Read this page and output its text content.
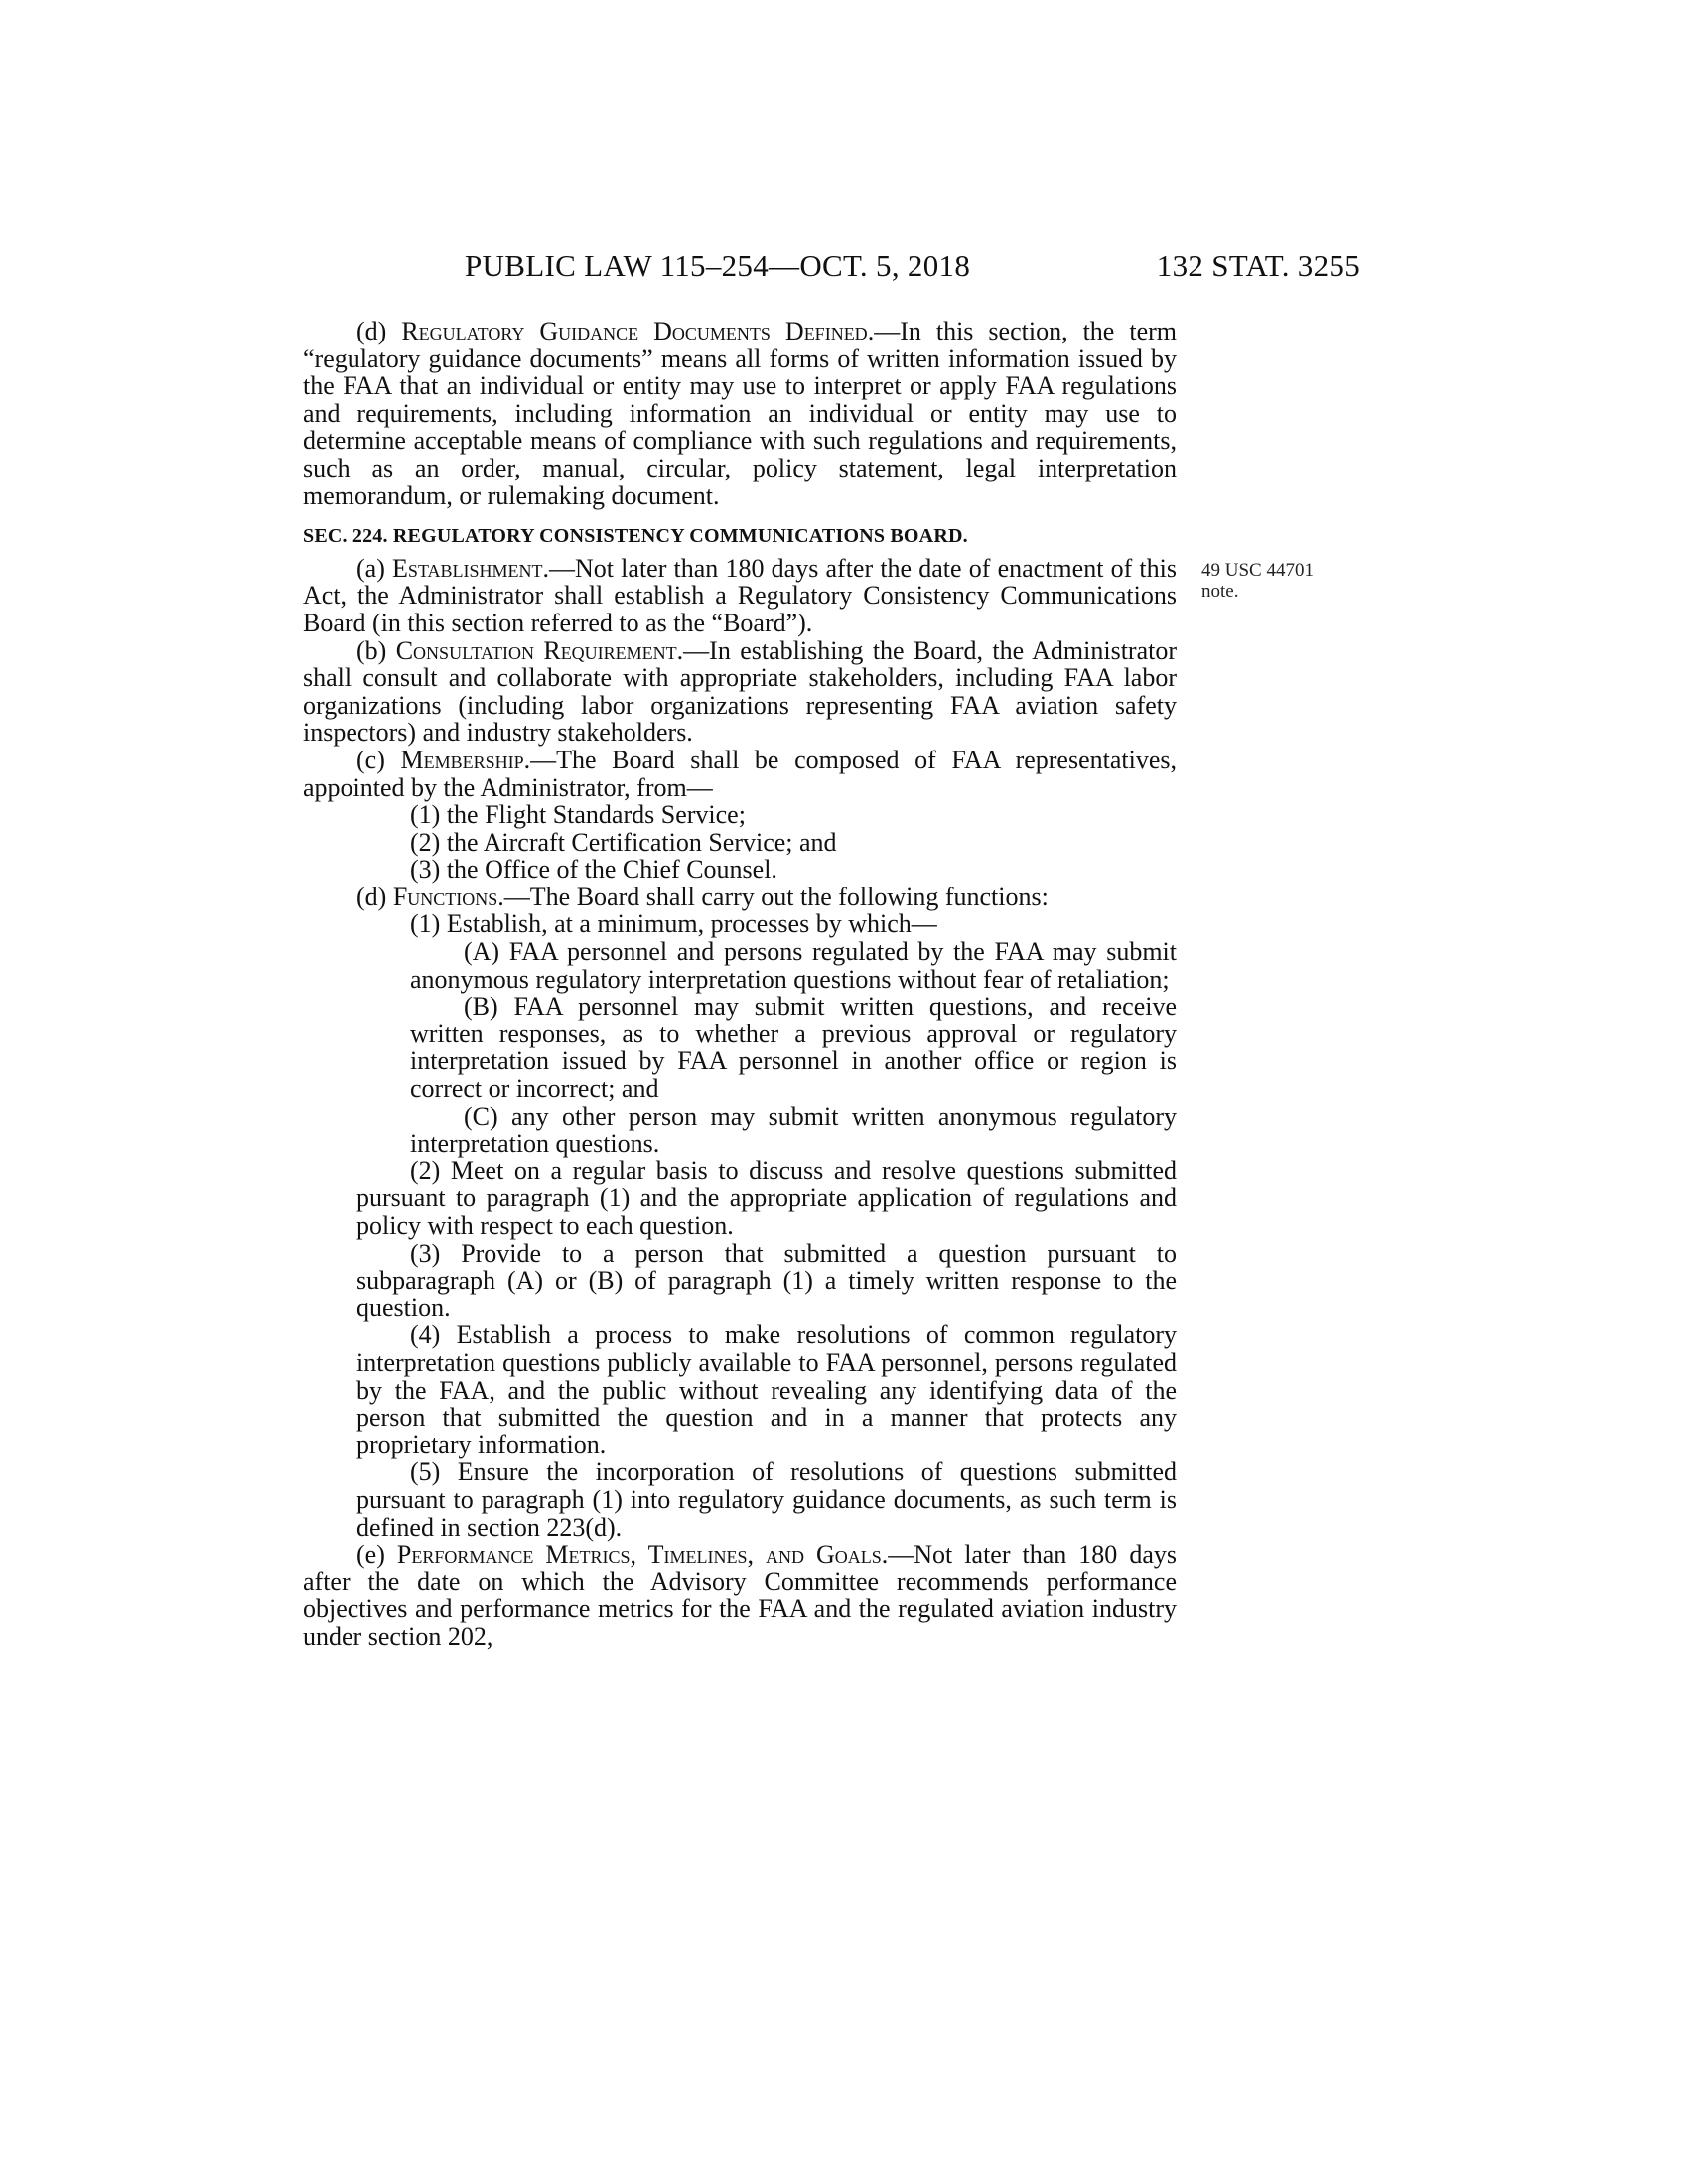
PUBLIC LAW 115–254—OCT. 5, 2018	132 STAT. 3255
49 USC 44701
note.

(d) Regulatory Guidance Documents Defined.—In this section, the term “regulatory guidance documents” means all forms of written information issued by the FAA that an individual or entity may use to interpret or apply FAA regulations and requirements, including information an individual or entity may use to determine acceptable means of compliance with such regulations and requirements, such as an order, manual, circular, policy statement, legal interpretation memorandum, or rulemaking document.

SEC. 224. REGULATORY CONSISTENCY COMMUNICATIONS BOARD.

(a) Establishment.—Not later than 180 days after the date of enactment of this Act, the Administrator shall establish a Regulatory Consistency Communications Board (in this section referred to as the “Board”).

(b) Consultation Requirement.—In establishing the Board, the Administrator shall consult and collaborate with appropriate stakeholders, including FAA labor organizations (including labor organizations representing FAA aviation safety inspectors) and industry stakeholders.

(c) Membership.—The Board shall be composed of FAA representatives, appointed by the Administrator, from—

(1) the Flight Standards Service;

(2) the Aircraft Certification Service; and

(3) the Office of the Chief Counsel.

(d) Functions.—The Board shall carry out the following functions:

(1) Establish, at a minimum, processes by which—

(A) FAA personnel and persons regulated by the FAA may submit anonymous regulatory interpretation questions without fear of retaliation;

(B) FAA personnel may submit written questions, and receive written responses, as to whether a previous approval or regulatory interpretation issued by FAA personnel in another office or region is correct or incorrect; and

(C) any other person may submit written anonymous regulatory interpretation questions.

(2) Meet on a regular basis to discuss and resolve questions submitted pursuant to paragraph (1) and the appropriate application of regulations and policy with respect to each question.

(3) Provide to a person that submitted a question pursuant to subparagraph (A) or (B) of paragraph (1) a timely written response to the question.

(4) Establish a process to make resolutions of common regulatory interpretation questions publicly available to FAA personnel, persons regulated by the FAA, and the public without revealing any identifying data of the person that submitted the question and in a manner that protects any proprietary information.

(5) Ensure the incorporation of resolutions of questions submitted pursuant to paragraph (1) into regulatory guidance documents, as such term is defined in section 223(d).

(e) Performance Metrics, Timelines, and Goals.—Not later than 180 days after the date on which the Advisory Committee recommends performance objectives and performance metrics for the FAA and the regulated aviation industry under section 202,
